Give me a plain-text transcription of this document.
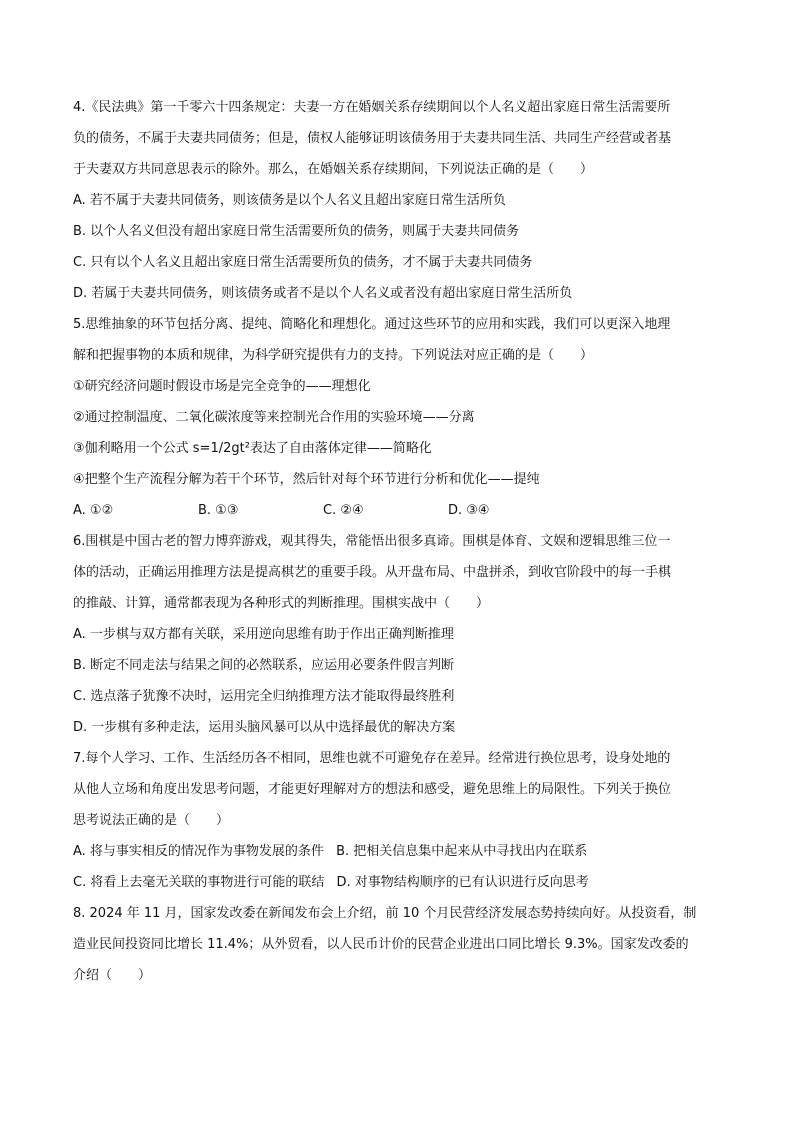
4.《民法典》第一千零六十四条规定：夫妻一方在婚姻关系存续期间以个人名义超出家庭日常生活需要所
负的债务，不属于夫妻共同债务；但是，债权人能够证明该债务用于夫妻共同生活、共同生产经营或者基
于夫妻双方共同意思表示的除外。那么，在婚姻关系存续期间，下列说法正确的是（　　）
A. 若不属于夫妻共同债务，则该债务是以个人名义且超出家庭日常生活所负
B. 以个人名义但没有超出家庭日常生活需要所负的债务，则属于夫妻共同债务
C. 只有以个人名义且超出家庭日常生活需要所负的债务，才不属于夫妻共同债务
D. 若属于夫妻共同债务，则该债务或者不是以个人名义或者没有超出家庭日常生活所负
5.思维抽象的环节包括分离、提纯、简略化和理想化。通过这些环节的应用和实践，我们可以更深入地理
解和把握事物的本质和规律，为科学研究提供有力的支持。下列说法对应正确的是（　　）
①研究经济问题时假设市场是完全竞争的——理想化
②通过控制温度、二氧化碳浓度等来控制光合作用的实验环境——分离
③伽利略用一个公式 s=1/2gt²表达了自由落体定律——简略化
④把整个生产流程分解为若干个环节，然后针对每个环节进行分析和优化——提纯
A. ①②	B. ①③	C. ②④	D. ③④
6.围棋是中国古老的智力博弈游戏，观其得失，常能悟出很多真谛。围棋是体育、文娱和逻辑思维三位一
体的活动，正确运用推理方法是提高棋艺的重要手段。从开盘布局、中盘拼杀，到收官阶段中的每一手棋
的推敲、计算，通常都表现为各种形式的判断推理。围棋实战中（　　）
A. 一步棋与双方都有关联，采用逆向思维有助于作出正确判断推理
B. 断定不同走法与结果之间的必然联系，应运用必要条件假言判断
C. 选点落子犹豫不决时，运用完全归纳推理方法才能取得最终胜利
D. 一步棋有多种走法，运用头脑风暴可以从中选择最优的解决方案
7.每个人学习、工作、生活经历各不相同，思维也就不可避免存在差异。经常进行换位思考，设身处地的
从他人立场和角度出发思考问题，才能更好理解对方的想法和感受，避免思维上的局限性。下列关于换位
思考说法正确的是（　　）
A. 将与事实相反的情况作为事物发展的条件 B. 把相关信息集中起来从中寻找出内在联系
C. 将看上去毫无关联的事物进行可能的联结 D. 对事物结构顺序的已有认识进行反向思考
8. 2024 年 11 月，国家发改委在新闻发布会上介绍，前 10 个月民营经济发展态势持续向好。从投资看，制
造业民间投资同比增长 11.4%；从外贸看，以人民币计价的民营企业进出口同比增长 9.3%。国家发改委的
介绍（　　）
